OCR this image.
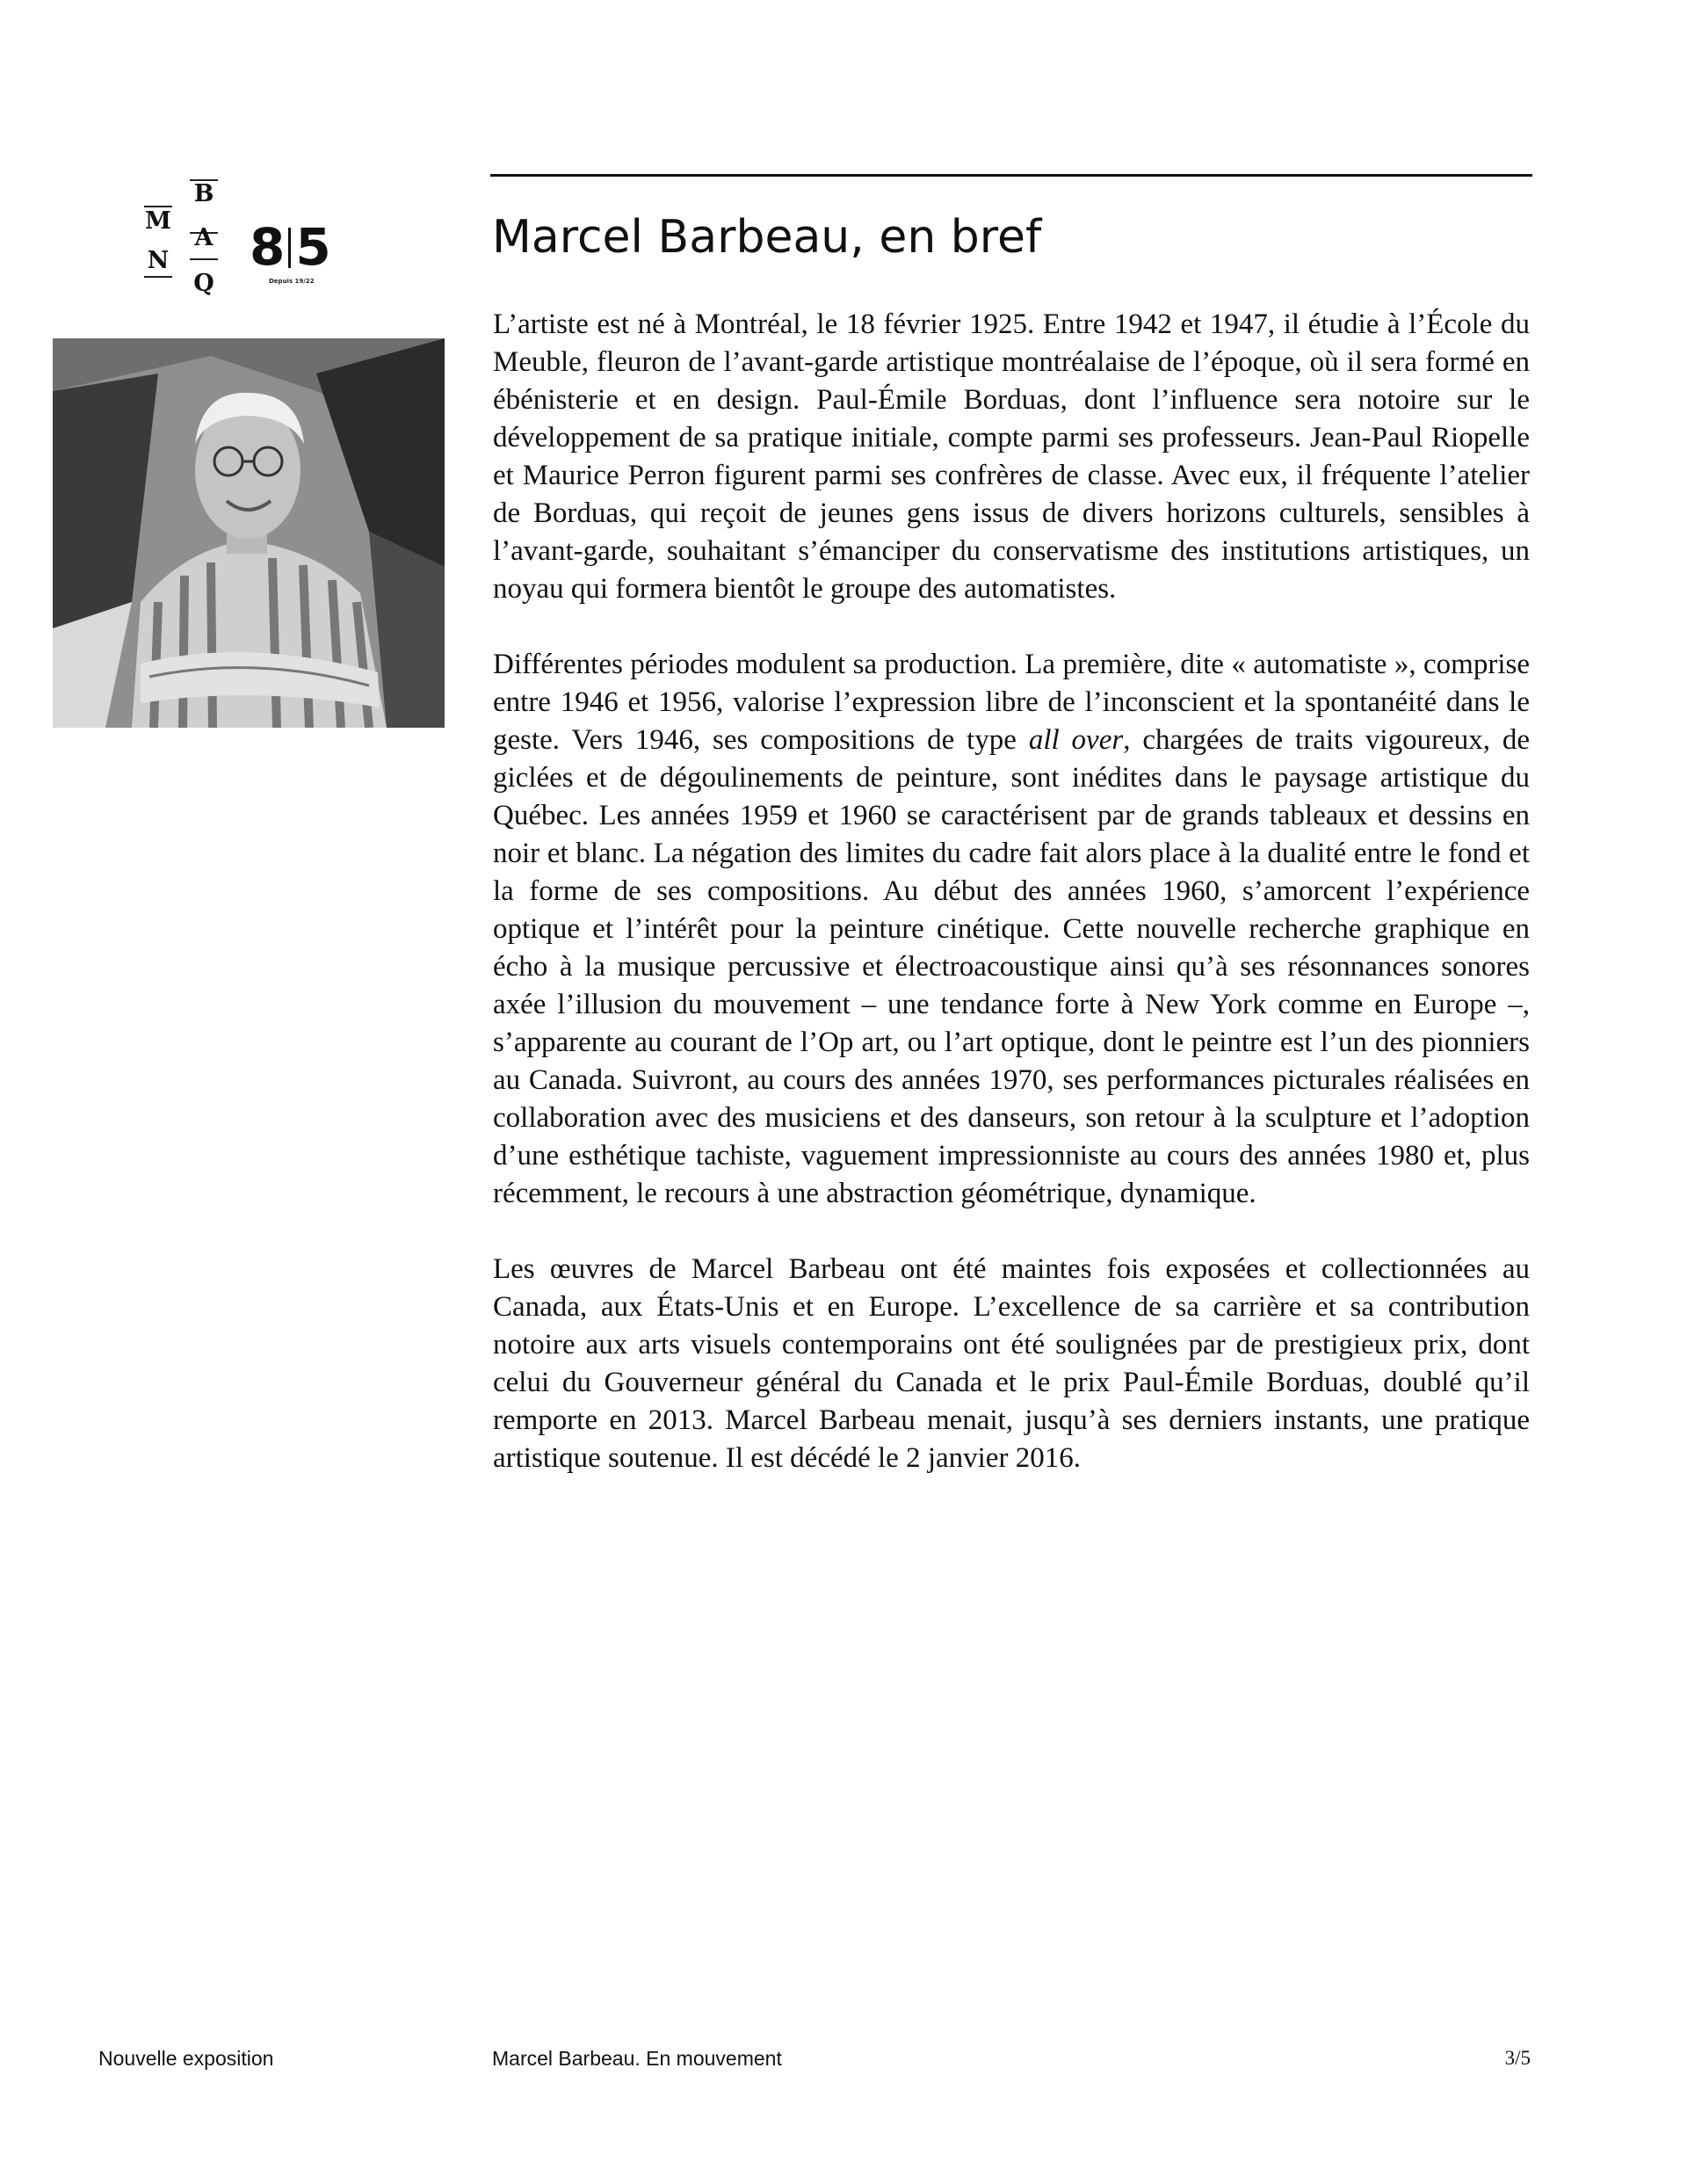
B
M
A
N
Q
8 5
Depuis 19/22
Marcel Barbeau, en bref

L’artiste est né à Montréal, le 18 février 1925. Entre 1942 et 1947, il étudie à l’École du Meuble, fleuron de l’avant-garde artistique montréalaise de l’époque, où il sera formé en ébénisterie et en design. Paul-Émile Borduas, dont l’influence sera notoire sur le développement de sa pratique initiale, compte parmi ses professeurs. Jean-Paul Riopelle et Maurice Perron figurent parmi ses confrères de classe. Avec eux, il fréquente l’atelier de Borduas, qui reçoit de jeunes gens issus de divers horizons culturels, sensibles à l’avant-garde, souhaitant s’émanciper du conservatisme des institutions artistiques, un noyau qui formera bientôt le groupe des automatistes.

Différentes périodes modulent sa production. La première, dite « automatiste », comprise entre 1946 et 1956, valorise l’expression libre de l’inconscient et la spontanéité dans le geste. Vers 1946, ses compositions de type all over, chargées de traits vigoureux, de giclées et de dégoulinements de peinture, sont inédites dans le paysage artistique du Québec. Les années 1959 et 1960 se caractérisent par de grands tableaux et dessins en noir et blanc. La négation des limites du cadre fait alors place à la dualité entre le fond et la forme de ses compositions. Au début des années 1960, s’amorcent l’expérience optique et l’intérêt pour la peinture cinétique. Cette nouvelle recherche graphique en écho à la musique percussive et électroacoustique ainsi qu’à ses résonnances sonores axée l’illusion du mouvement – une tendance forte à New York comme en Europe –, s’apparente au courant de l’Op art, ou l’art optique, dont le peintre est l’un des pionniers au Canada. Suivront, au cours des années 1970, ses performances picturales réalisées en collaboration avec des musiciens et des danseurs, son retour à la sculpture et l’adoption d’une esthétique tachiste, vaguement impressionniste au cours des années 1980 et, plus récemment, le recours à une abstraction géométrique, dynamique.

Les œuvres de Marcel Barbeau ont été maintes fois exposées et collectionnées au Canada, aux États-Unis et en Europe. L’excellence de sa carrière et sa contribution notoire aux arts visuels contemporains ont été soulignées par de prestigieux prix, dont celui du Gouverneur général du Canada et le prix Paul-Émile Borduas, doublé qu’il remporte en 2013. Marcel Barbeau menait, jusqu’à ses derniers instants, une pratique artistique soutenue. Il est décédé le 2 janvier 2016.

Nouvelle exposition	Marcel Barbeau. En mouvement	3/5
